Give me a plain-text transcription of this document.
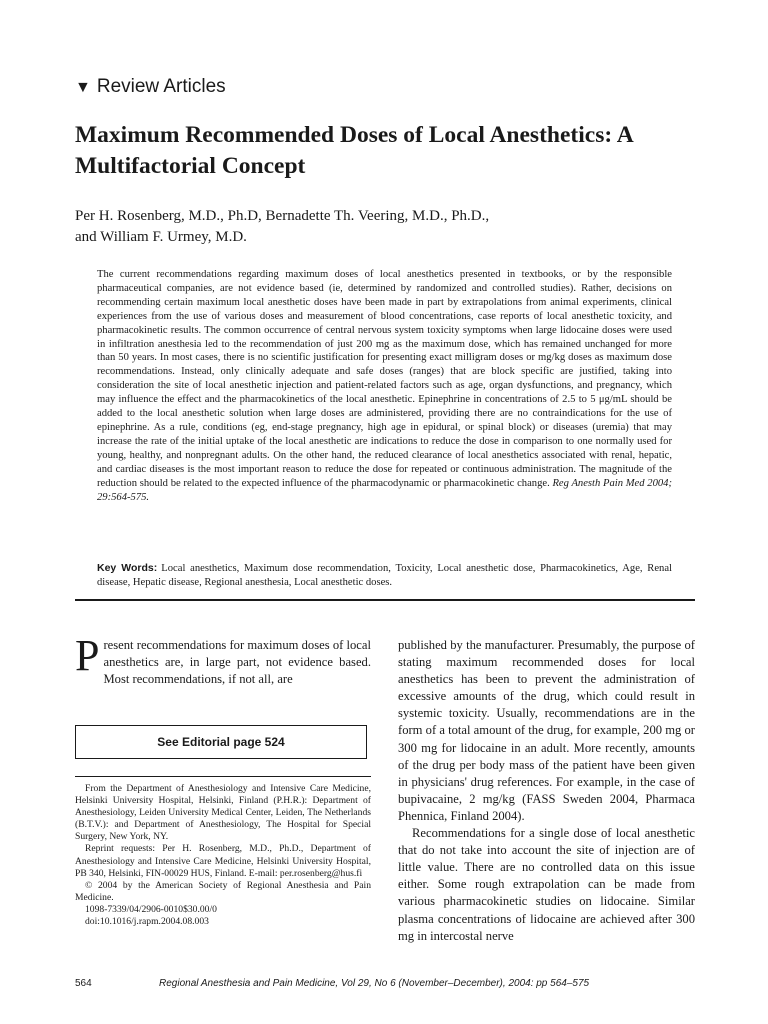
▼ Review Articles
Maximum Recommended Doses of Local Anesthetics: A Multifactorial Concept
Per H. Rosenberg, M.D., Ph.D, Bernadette Th. Veering, M.D., Ph.D.,
and William F. Urmey, M.D.
The current recommendations regarding maximum doses of local anesthetics presented in textbooks, or by the responsible pharmaceutical companies, are not evidence based (ie, determined by randomized and controlled studies). Rather, decisions on recommending certain maximum local anesthetic doses have been made in part by extrapolations from animal experiments, clinical experiences from the use of various doses and measurement of blood concentrations, case reports of local anesthetic toxicity, and pharmacokinetic results. The common occurrence of central nervous system toxicity symptoms when large lidocaine doses were used in infiltration anesthesia led to the recommendation of just 200 mg as the maximum dose, which has remained unchanged for more than 50 years. In most cases, there is no scientific justification for presenting exact milligram doses or mg/kg doses as maximum dose recommendations. Instead, only clinically adequate and safe doses (ranges) that are block specific are justified, taking into consideration the site of local anesthetic injection and patient-related factors such as age, organ dysfunctions, and pregnancy, which may influence the effect and the pharmacokinetics of the local anesthetic. Epinephrine in concentrations of 2.5 to 5 μg/mL should be added to the local anesthetic solution when large doses are administered, providing there are no contraindications for the use of epinephrine. As a rule, conditions (eg, end-stage pregnancy, high age in epidural, or spinal block) or diseases (uremia) that may increase the rate of the initial uptake of the local anesthetic are indications to reduce the dose in comparison to one normally used for young, healthy, and nonpregnant adults. On the other hand, the reduced clearance of local anesthetics associated with renal, hepatic, and cardiac diseases is the most important reason to reduce the dose for repeated or continuous administration. The magnitude of the reduction should be related to the expected influence of the pharmacodynamic or pharmacokinetic change. Reg Anesth Pain Med 2004; 29:564-575.
Key Words: Local anesthetics, Maximum dose recommendation, Toxicity, Local anesthetic dose, Pharmacokinetics, Age, Renal disease, Hepatic disease, Regional anesthesia, Local anesthetic doses.

Present recommendations for maximum doses of local anesthetics are, in large part, not evidence based. Most recommendations, if not all, are

See Editorial page 524

From the Department of Anesthesiology and Intensive Care Medicine, Helsinki University Hospital, Helsinki, Finland (P.H.R.): Department of Anesthesiology, Leiden University Medical Center, Leiden, The Netherlands (B.T.V.): and Department of Anesthesiology, The Hospital for Special Surgery, New York, NY.

Reprint requests: Per H. Rosenberg, M.D., Ph.D., Department of Anesthesiology and Intensive Care Medicine, Helsinki University Hospital, PB 340, Helsinki, FIN-00029 HUS, Finland. E-mail: per.rosenberg@hus.fi

© 2004 by the American Society of Regional Anesthesia and Pain Medicine.

1098-7339/04/2906-0010$30.00/0

doi:10.1016/j.rapm.2004.08.003

published by the manufacturer. Presumably, the purpose of stating maximum recommended doses for local anesthetics has been to prevent the administration of excessive amounts of the drug, which could result in systemic toxicity. Usually, recommendations are in the form of a total amount of the drug, for example, 200 mg or 300 mg for lidocaine in an adult. More recently, amounts of the drug per body mass of the patient have been given in physicians' drug references. For example, in the case of bupivacaine, 2 mg/kg (FASS Sweden 2004, Pharmaca Phennica, Finland 2004).

Recommendations for a single dose of local anesthetic that do not take into account the site of injection are of little value. There are no controlled data on this issue either. Some rough extrapolation can be made from various pharmacokinetic studies on lidocaine. Similar plasma concentrations of lidocaine are achieved after 300 mg in intercostal nerve

564	Regional Anesthesia and Pain Medicine, Vol 29, No 6 (November–December), 2004: pp 564–575
